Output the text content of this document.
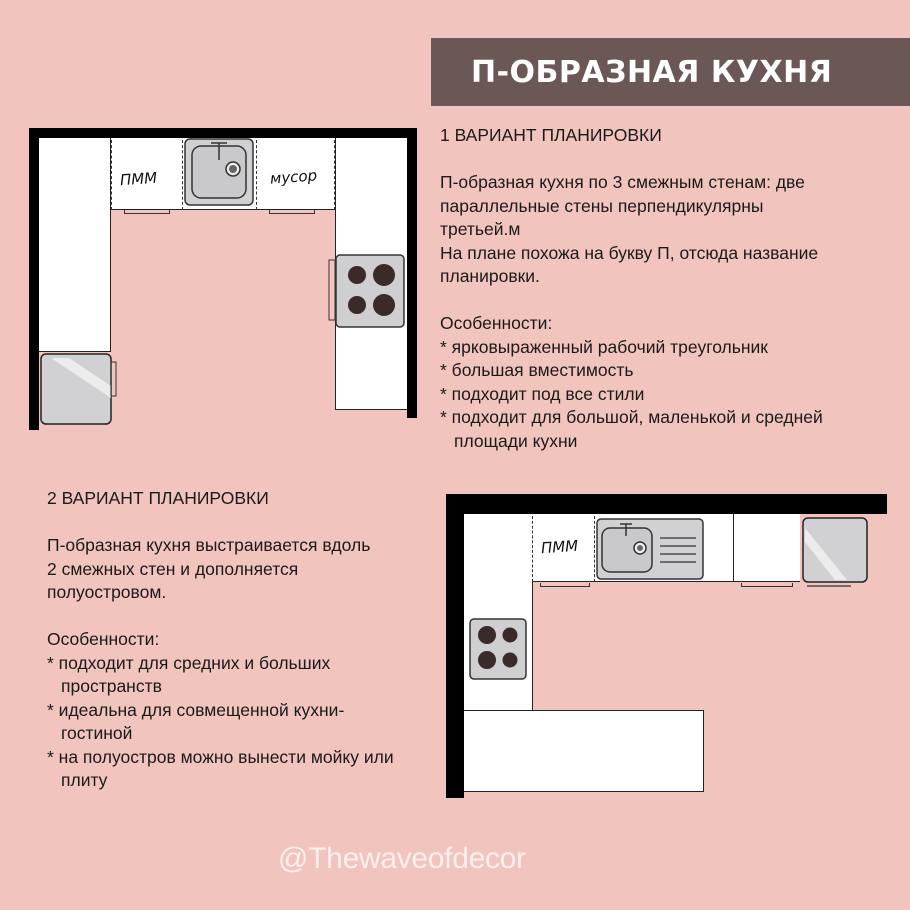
П-ОБРАЗНАЯ КУХНЯ

1 ВАРИАНТ ПЛАНИРОВКИ

П-образная кухня по 3 смежным стенам: две

параллельные стены перпендикулярны

третьей.м

На плане похожа на букву П, отсюда название

планировки.

Особенности:

* ярковыраженный рабочий треугольник

* большая вместимость

* подходит под все стили

* подходит для большой, маленькой и средней площади кухни

2 ВАРИАНТ ПЛАНИРОВКИ

П-образная кухня выстраивается вдоль

2 смежных стен и дополняется

полуостровом.

Особенности:

* подходит для средних и больших пространств

* идеальна для совмещенной кухни-гостиной

* на полуостров можно вынести мойку или плиту

ПММ	мусор
ПММ
@Thewaveofdecor
